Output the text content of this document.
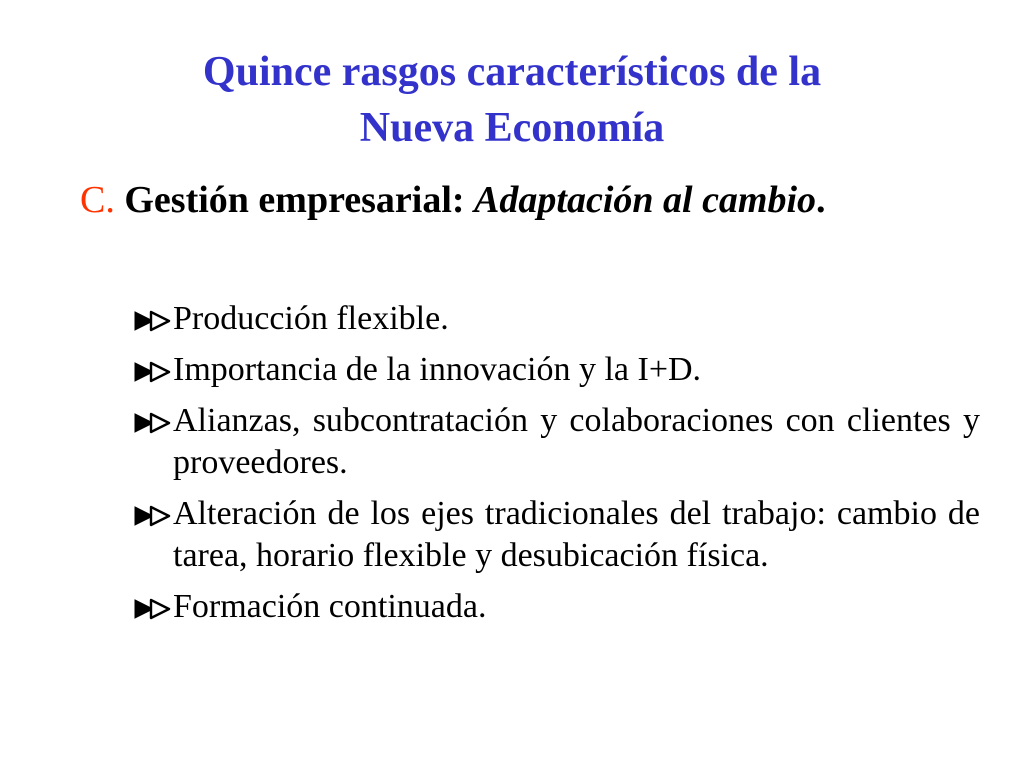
Quince rasgos característicos de la
Nueva Economía
C. Gestión empresarial: Adaptación al cambio.
Producción flexible.
Importancia de la innovación y la I+D.
Alianzas, subcontratación y colaboraciones con clientes y proveedores.
Alteración de los ejes tradicionales del trabajo: cambio de tarea, horario flexible y desubicación física.
Formación continuada.
